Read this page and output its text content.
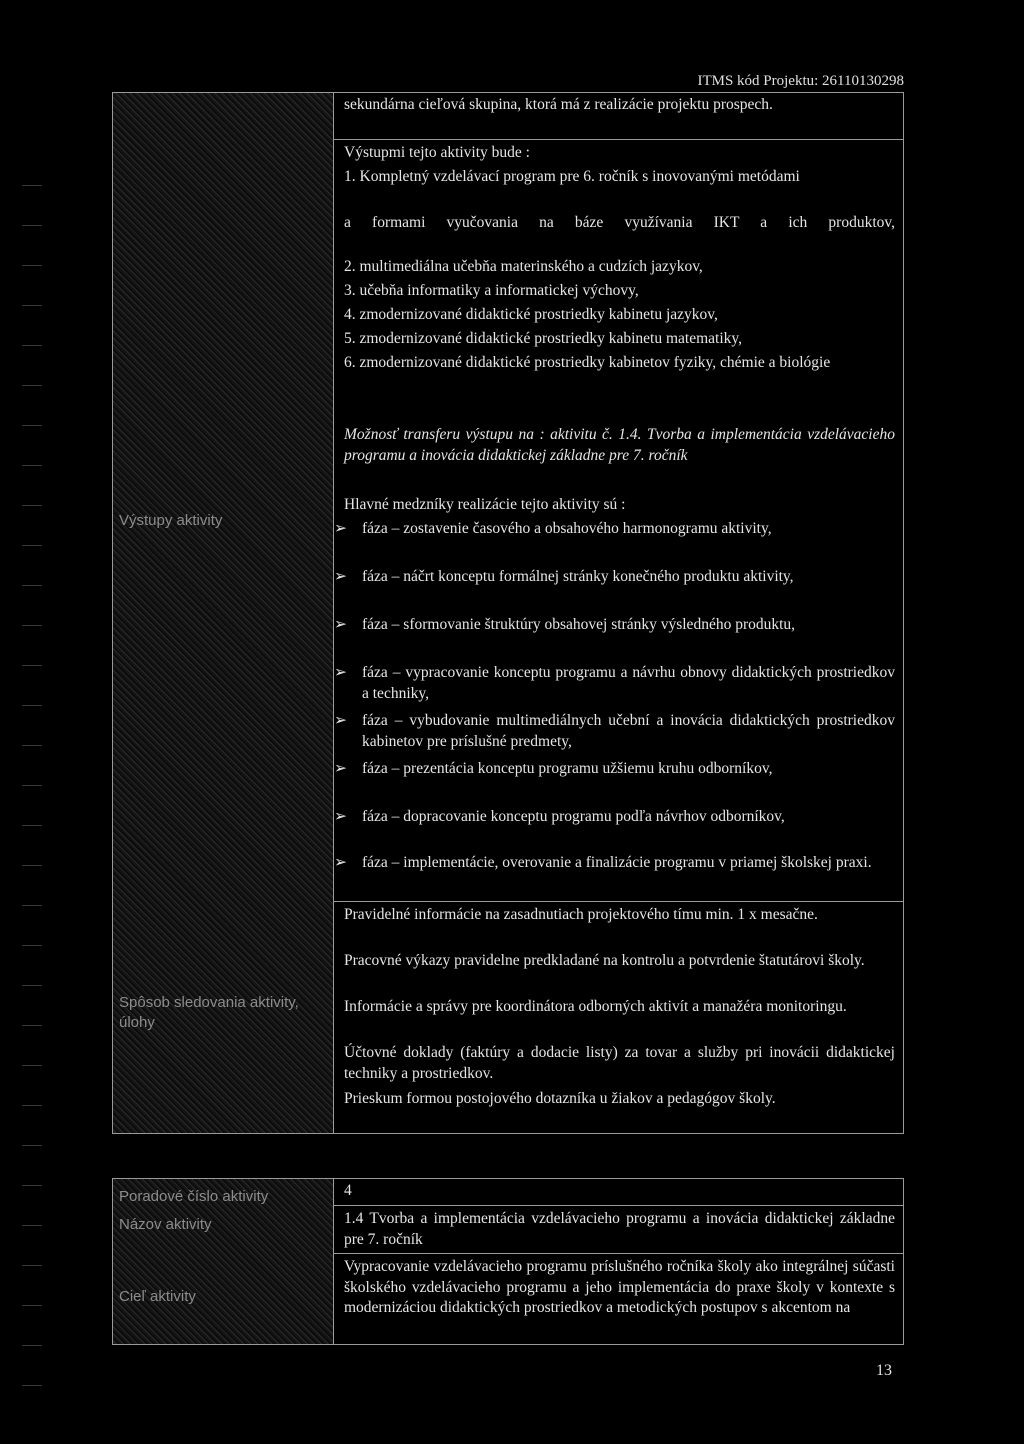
ITMS kód Projektu: 26110130298
Výstupy aktivity
Spôsob sledovania aktivity, úlohy
sekundárna cieľová skupina, ktorá má z realizácie projektu prospech.
Výstupmi tejto aktivity bude :
1. Kompletný vzdelávací program pre 6. ročník s inovovanými metódami
a formami vyučovania na báze využívania IKT a ich produktov,
2. multimediálna učebňa materinského a cudzích jazykov,
3. učebňa informatiky a informatickej výchovy,
4. zmodernizované didaktické prostriedky kabinetu jazykov,
5. zmodernizované didaktické prostriedky kabinetu matematiky,
6. zmodernizované didaktické prostriedky kabinetov fyziky, chémie a biológie
Možnosť transferu výstupu na : aktivitu č. 1.4. Tvorba a implementácia vzdelávacieho programu a inovácia didaktickej základne pre 7. ročník
Hlavné medzníky realizácie tejto aktivity sú :
➢ fáza – zostavenie časového a obsahového harmonogramu aktivity,
➢ fáza – náčrt konceptu formálnej stránky konečného produktu aktivity,
➢ fáza – sformovanie štruktúry obsahovej stránky výsledného produktu,
➢ fáza – vypracovanie konceptu programu a návrhu obnovy didaktických prostriedkov a techniky,
➢ fáza – vybudovanie multimediálnych učební a inovácia didaktických prostriedkov kabinetov pre príslušné predmety,
➢ fáza – prezentácia konceptu programu užšiemu kruhu odborníkov,
➢ fáza – dopracovanie konceptu programu podľa návrhov odborníkov,
➢ fáza – implementácie, overovanie a finalizácie programu v priamej školskej praxi.
Pravidelné informácie na zasadnutiach projektového tímu min. 1 x mesačne.
Pracovné výkazy pravidelne predkladané na kontrolu a potvrdenie štatutárovi školy.
Informácie a správy pre koordinátora odborných aktivít a manažéra monitoringu.
Účtovné doklady (faktúry a dodacie listy) za tovar a služby pri inovácii didaktickej techniky a prostriedkov.
Prieskum formou postojového dotazníka u žiakov a pedagógov školy.
Poradové číslo aktivity
Názov aktivity
Cieľ aktivity
4
1.4 Tvorba a implementácia vzdelávacieho programu a inovácia didaktickej základne pre 7. ročník
Vypracovanie vzdelávacieho programu príslušného ročníka školy ako integrálnej súčasti školského vzdelávacieho programu a jeho implementácia do praxe školy v kontexte s modernizáciou didaktických prostriedkov a metodických postupov s akcentom na
13
